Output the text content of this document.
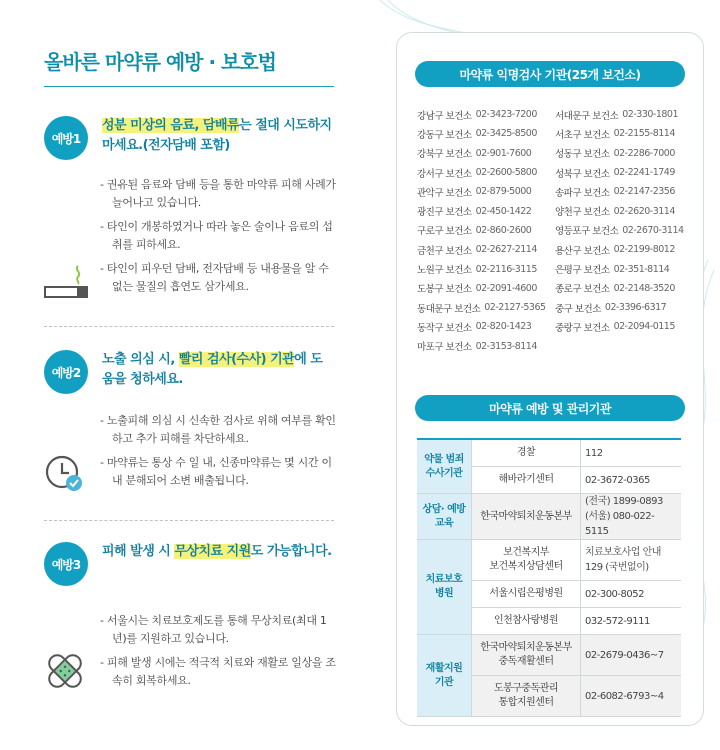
올바른 마약류 예방 · 보호법
예방1
성분 미상의 음료, 담배류는 절대 시도하지 마세요.(전자담배 포함)

- 권유된 음료와 담배 등을 통한 마약류 피해 사례가 늘어나고 있습니다.

- 타인이 개봉하였거나 따라 놓은 술이나 음료의 섭취를 피하세요.

- 타인이 피우던 담배, 전자담배 등 내용물을 알 수 없는 물질의 흡연도 삼가세요.

예방2
노출 의심 시, 빨리 검사(수사) 기관에 도움을 청하세요.

- 노출피해 의심 시 신속한 검사로 위해 여부를 확인하고 추가 피해를 차단하세요.

- 마약류는 통상 수 일 내, 신종마약류는 몇 시간 이내 분해되어 소변 배출됩니다.

예방3
피해 발생 시 무상치료 지원도 가능합니다.

- 서울시는 치료보호제도를 통해 무상치료(최대 1년)를 지원하고 있습니다.

- 피해 발생 시에는 적극적 치료와 재활로 일상을 조속히 회복하세요.

마약류 익명검사 기관(25개 보건소)
강남구 보건소 02-3423-7200
강동구 보건소 02-3425-8500
강북구 보건소 02-901-7600
강서구 보건소 02-2600-5800
관악구 보건소 02-879-5000
광진구 보건소 02-450-1422
구로구 보건소 02-860-2600
금천구 보건소 02-2627-2114
노원구 보건소 02-2116-3115
도봉구 보건소 02-2091-4600
동대문구 보건소 02-2127-5365
동작구 보건소 02-820-1423
마포구 보건소 02-3153-8114
서대문구 보건소 02-330-1801
서초구 보건소 02-2155-8114
성동구 보건소 02-2286-7000
성북구 보건소 02-2241-1749
송파구 보건소 02-2147-2356
양천구 보건소 02-2620-3114
영등포구 보건소 02-2670-3114
용산구 보건소 02-2199-8012
은평구 보건소 02-351-8114
종로구 보건소 02-2148-3520
중구 보건소 02-3396-6317
중랑구 보건소 02-2094-0115
마약류 예방 및 관리기관
약물 범죄 수사기관	경찰	112
	해바라기센터	02-3672-0365
상담· 예방교육	한국마약퇴치운동본부	(전국) 1899-0893
(서울) 080-022-5115
치료보호 병원	보건복지부
보건복지상담센터	치료보호사업 안내
129 (국번없이)
	서울시립은평병원	02-300-8052
	인천참사랑병원	032-572-9111
재활지원 기관	한국마약퇴치운동본부
중독재활센터	02-2679-0436~7
	도봉구중독관리
통합지원센터	02-6082-6793~4
